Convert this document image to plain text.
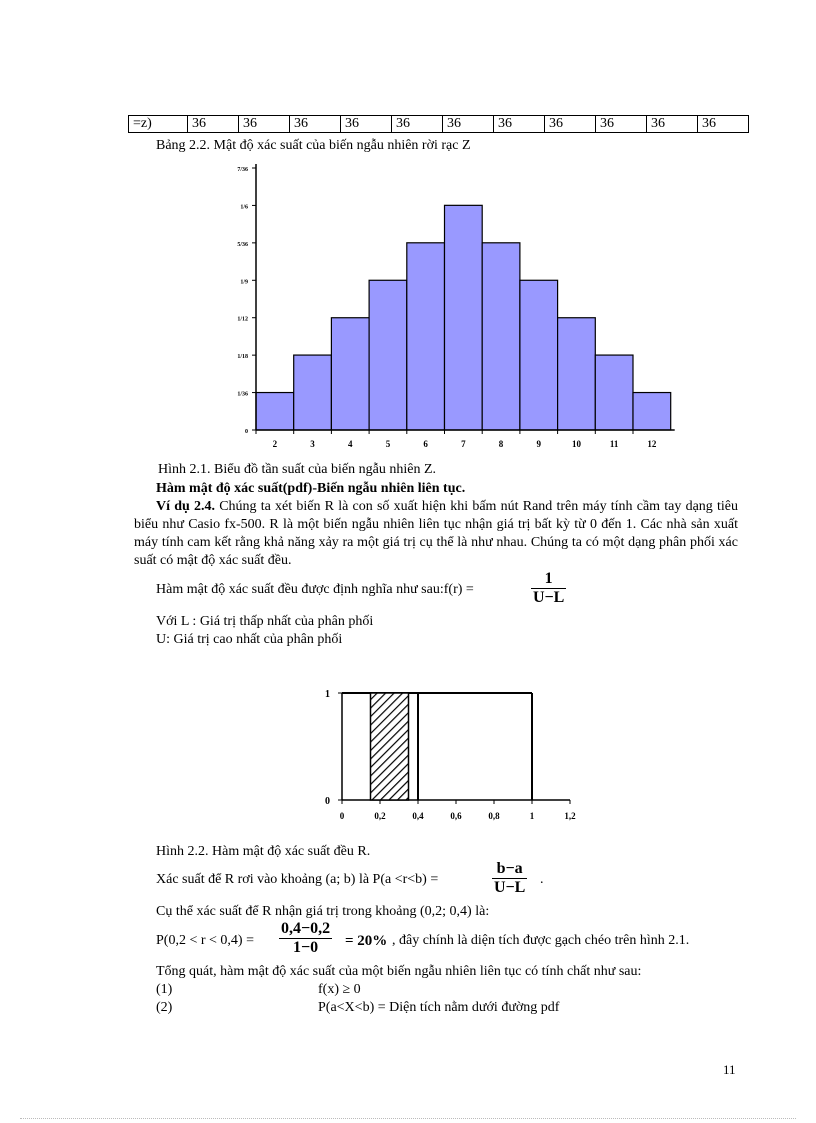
=z)	36	36	36	36	36	36	36	36	36	36	36
Bảng 2.2. Mật độ xác suất của biến ngẫu nhiên rời rạc Z
0
1/36
1/18
1/12
1/9
5/36
1/6
7/36
2	3	4	5	6	7	8	9	10	11	12
Hình 2.1. Biểu đồ tần suất của biến ngẫu nhiên Z.
Hàm mật độ xác suất(pdf)-Biến ngẫu nhiên liên tục.
Ví dụ 2.4. Chúng ta xét biến R là con số xuất hiện khi bấm nút Rand trên máy tính cầm tay dạng tiêu biểu như Casio fx-500. R là một biến ngẫu nhiên liên tục nhận giá trị bất kỳ từ 0 đến 1. Các nhà sản xuất máy tính cam kết rằng khả năng xảy ra một giá trị cụ thể là như nhau. Chúng ta có một dạng phân phối xác suất có mật độ xác suất đều.
Hàm mật độ xác suất đều được định nghĩa như sau:f(r) =	$\frac{1}{U-L}$
Với L : Giá trị thấp nhất của phân phối
U: Giá trị cao nhất của phân phối
0
1
0	0,2	0,4	0,6	0,8	1	1,2
Hình 2.2. Hàm mật độ xác suất đều R.
Xác suất để R rơi vào khoảng (a; b) là P(a <r<b) =	$\frac{b-a}{U-L}$ .
Cụ thể xác suất để R nhận giá trị trong khoảng (0,2; 0,4) là:
$P(0,2 < r < 0,4) = \frac{0,4-0,2}{1-0} = 20\%$ , đây chính là diện tích được gạch chéo trên hình 2.1.
Tổng quát, hàm mật độ xác suất của một biến ngẫu nhiên liên tục có tính chất như sau:
(1)	f(x) ≥ 0
(2)	P(a<X<b) = Diện tích nằm dưới đường pdf
11
